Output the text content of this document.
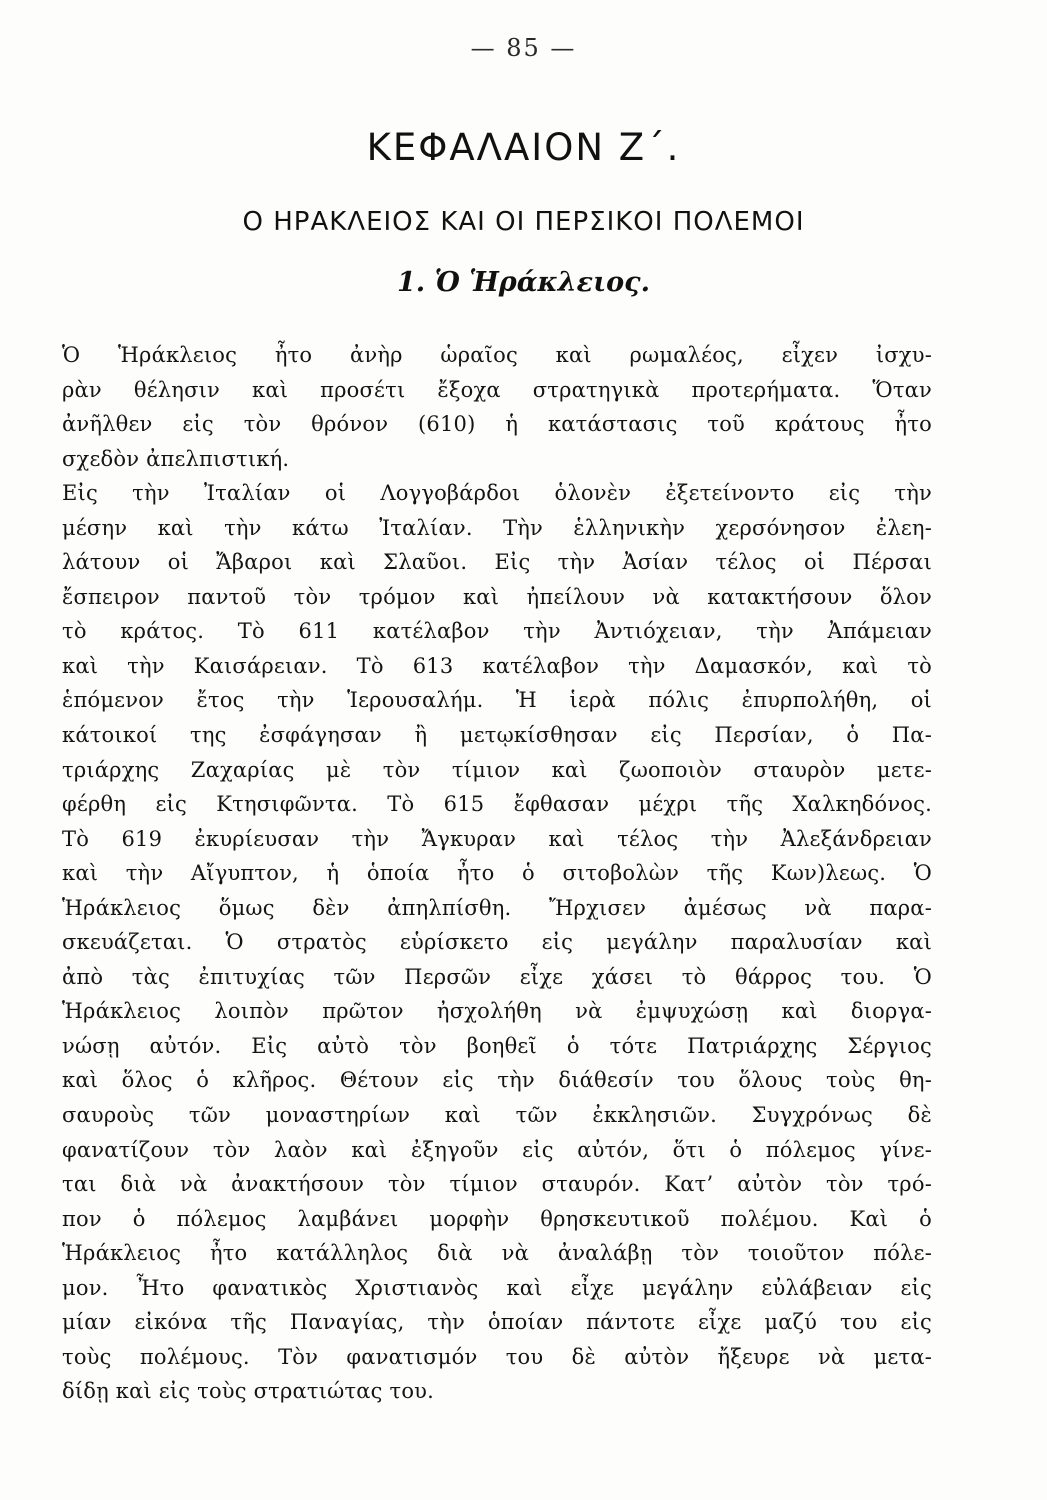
— 85 —
ΚΕΦΑΛΑΙΟΝ Ζ΄.
Ο ΗΡΑΚΛΕΙΟΣ ΚΑΙ ΟΙ ΠΕΡΣΙΚΟΙ ΠΟΛΕΜΟΙ
1. Ὁ Ἡράκλειος.
Ὁ Ἡράκλειος ἦτο ἀνὴρ ὡραῖος καὶ ρωμαλέος, εἶχεν ἰσχυ-
ρὰν θέλησιν καὶ προσέτι ἔξοχα στρατηγικὰ προτερήματα. Ὅταν
ἀνῆλθεν εἰς τὸν θρόνον (610) ἡ κατάστασις τοῦ κράτους ἦτο
σχεδὸν ἀπελπιστική.
Εἰς τὴν Ἰταλίαν οἱ Λογγοβάρδοι ὁλονὲν ἐξετείνοντο εἰς τὴν
μέσην καὶ τὴν κάτω Ἰταλίαν. Τὴν ἑλληνικὴν χερσόνησον ἐλεη-
λάτουν οἱ Ἄβαροι καὶ Σλαῦοι. Εἰς τὴν Ἀσίαν τέλος οἱ Πέρσαι
ἔσπειρον παντοῦ τὸν τρόμον καὶ ἠπείλουν νὰ κατακτήσουν ὅλον
τὸ κράτος. Τὸ 611 κατέλαβον τὴν Ἀντιόχειαν, τὴν Ἀπάμειαν
καὶ τὴν Καισάρειαν. Τὸ 613 κατέλαβον τὴν Δαμασκόν, καὶ τὸ
ἑπόμενον ἔτος τὴν Ἱερουσαλήμ. Ἡ ἱερὰ πόλις ἐπυρπολήθη, οἱ
κάτοικοί της ἐσφάγησαν ἢ μετῳκίσθησαν εἰς Περσίαν, ὁ Πα-
τριάρχης Ζαχαρίας μὲ τὸν τίμιον καὶ ζωοποιὸν σταυρὸν μετε-
φέρθη εἰς Κτησιφῶντα. Τὸ 615 ἔφθασαν μέχρι τῆς Χαλκηδόνος.
Τὸ 619 ἐκυρίευσαν τὴν Ἄγκυραν καὶ τέλος τὴν Ἀλεξάνδρειαν
καὶ τὴν Αἴγυπτον, ἡ ὁποία ἦτο ὁ σιτοβολὼν τῆς Κων)λεως. Ὁ
Ἡράκλειος ὅμως δὲν ἀπηλπίσθη. Ἤρχισεν ἀμέσως νὰ παρα-
σκευάζεται. Ὁ στρατὸς εὑρίσκετο εἰς μεγάλην παραλυσίαν καὶ
ἀπὸ τὰς ἐπιτυχίας τῶν Περσῶν εἶχε χάσει τὸ θάρρος του. Ὁ
Ἡράκλειος λοιπὸν πρῶτον ἠσχολήθη νὰ ἐμψυχώσῃ καὶ διοργα-
νώσῃ αὐτόν. Εἰς αὐτὸ τὸν βοηθεῖ ὁ τότε Πατριάρχης Σέργιος
καὶ ὅλος ὁ κλῆρος. Θέτουν εἰς τὴν διάθεσίν του ὅλους τοὺς θη-
σαυροὺς τῶν μοναστηρίων καὶ τῶν ἐκκλησιῶν. Συγχρόνως δὲ
φανατίζουν τὸν λαὸν καὶ ἐξηγοῦν εἰς αὐτόν, ὅτι ὁ πόλεμος γίνε-
ται διὰ νὰ ἀνακτήσουν τὸν τίμιον σταυρόν. Κατ’ αὐτὸν τὸν τρό-
πον ὁ πόλεμος λαμβάνει μορφὴν θρησκευτικοῦ πολέμου. Καὶ ὁ
Ἡράκλειος ἦτο κατάλληλος διὰ νὰ ἀναλάβῃ τὸν τοιοῦτον πόλε-
μον. Ἦτο φανατικὸς Χριστιανὸς καὶ εἶχε μεγάλην εὐλάβειαν εἰς
μίαν εἰκόνα τῆς Παναγίας, τὴν ὁποίαν πάντοτε εἶχε μαζύ του εἰς
τοὺς πολέμους. Τὸν φανατισμόν του δὲ αὐτὸν ἤξευρε νὰ μετα-
δίδῃ καὶ εἰς τοὺς στρατιώτας του.
